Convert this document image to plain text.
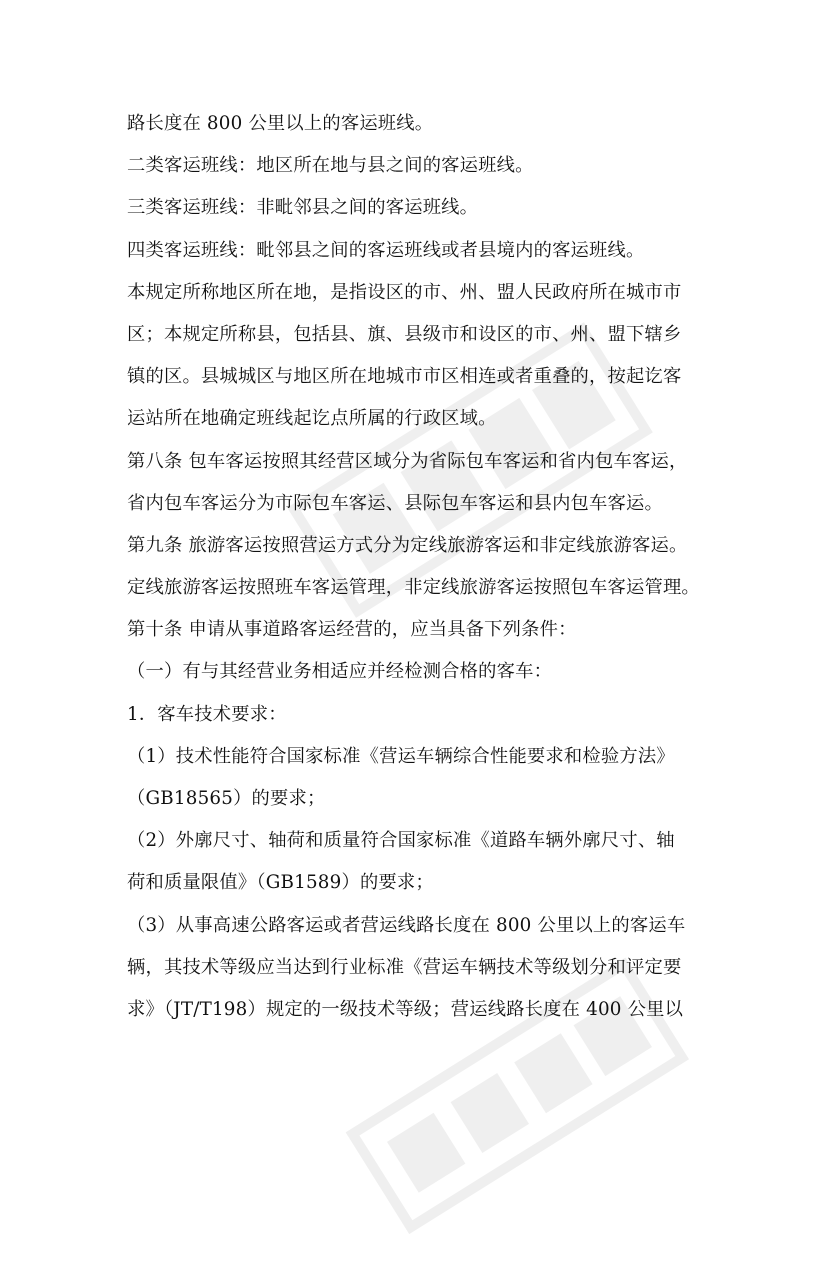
路长度在 800 公里以上的客运班线。
二类客运班线：地区所在地与县之间的客运班线。
三类客运班线：非毗邻县之间的客运班线。
四类客运班线：毗邻县之间的客运班线或者县境内的客运班线。
本规定所称地区所在地，是指设区的市、州、盟人民政府所在城市市
区；本规定所称县，包括县、旗、县级市和设区的市、州、盟下辖乡
镇的区。县城城区与地区所在地城市市区相连或者重叠的，按起讫客
运站所在地确定班线起讫点所属的行政区域。
第八条 包车客运按照其经营区域分为省际包车客运和省内包车客运，
省内包车客运分为市际包车客运、县际包车客运和县内包车客运。
第九条 旅游客运按照营运方式分为定线旅游客运和非定线旅游客运。
定线旅游客运按照班车客运管理，非定线旅游客运按照包车客运管理。
第十条 申请从事道路客运经营的，应当具备下列条件：
（一）有与其经营业务相适应并经检测合格的客车：
1．客车技术要求：
（1）技术性能符合国家标准《营运车辆综合性能要求和检验方法》
（GB18565）的要求；
（2）外廓尺寸、轴荷和质量符合国家标准《道路车辆外廓尺寸、轴
荷和质量限值》（GB1589）的要求；
（3）从事高速公路客运或者营运线路长度在 800 公里以上的客运车
辆，其技术等级应当达到行业标准《营运车辆技术等级划分和评定要
求》（JT/T198）规定的一级技术等级；营运线路长度在 400 公里以
